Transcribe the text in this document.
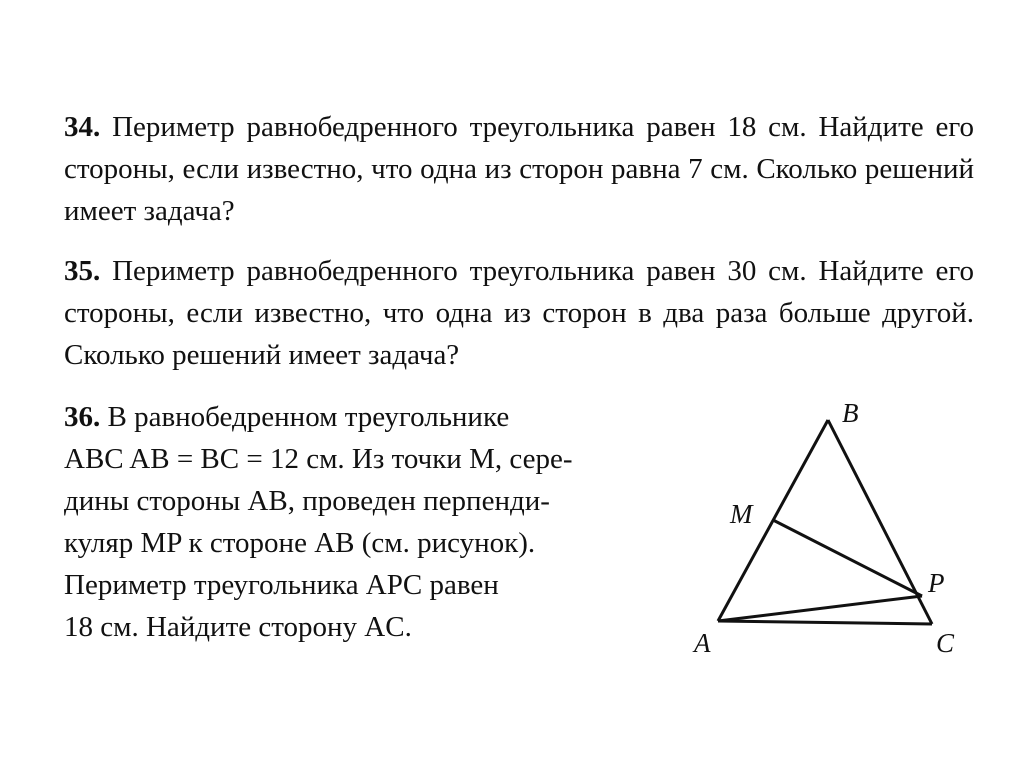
34. Периметр равнобедренного треугольника равен 18 см. Найдите его стороны, если известно, что одна из сторон равна 7 см. Сколько решений имеет задача?

35. Периметр равнобедренного треугольника равен 30 см. Найдите его стороны, если известно, что одна из сторон в два раза больше другой. Сколько решений имеет задача?

36. В равнобедренном треугольнике
ABC AB = BC = 12 см. Из точки M, сере-
дины стороны AB, проведен перпенди-
куляр MP к стороне AB (см. рисунок).
Периметр треугольника APC равен
18 см. Найдите сторону AC.
B
M
P
A	C
